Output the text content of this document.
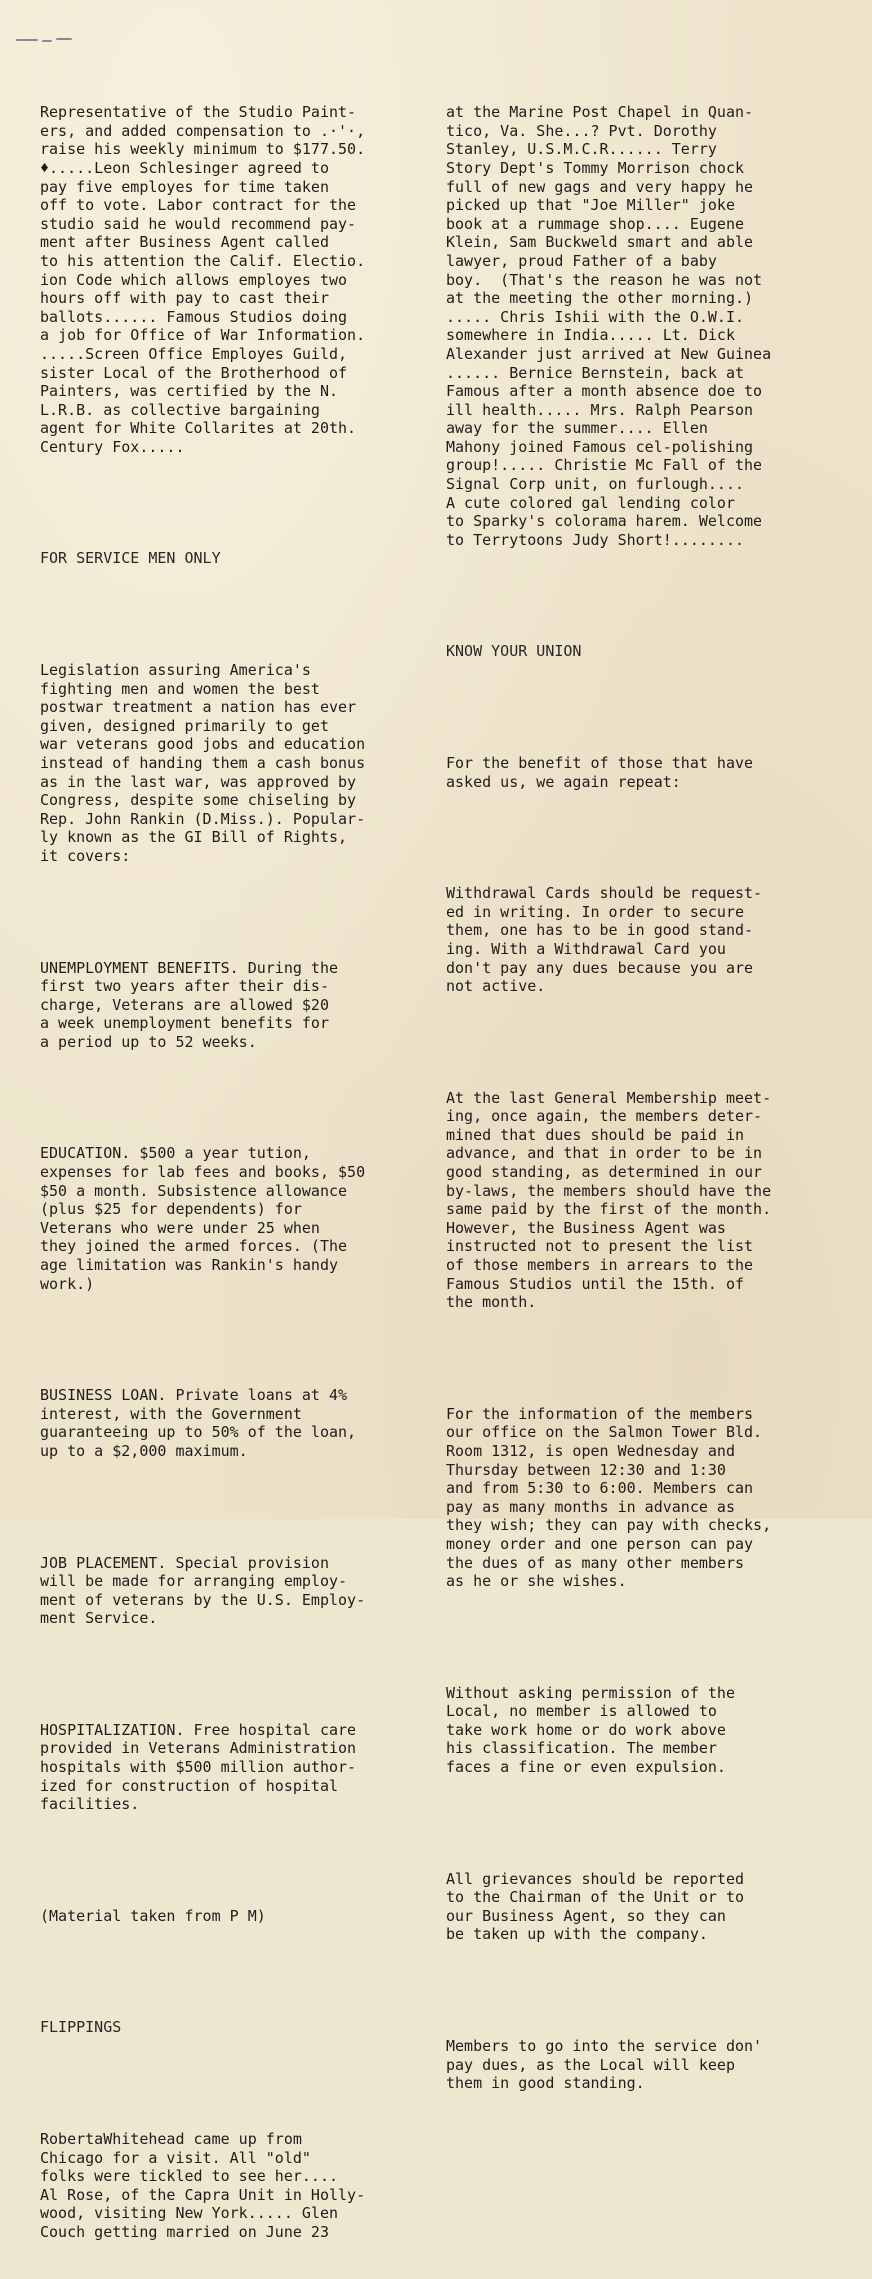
Representative of the Studio Paint-
ers, and added compensation to .·'·,
raise his weekly minimum to $177.50.
♦.....Leon Schlesinger agreed to
pay five employes for time taken
off to vote. Labor contract for the
studio said he would recommend pay-
ment after Business Agent called
to his attention the Calif. Electio.
ion Code which allows employes two
hours off with pay to cast their
ballots...... Famous Studios doing
a job for Office of War Information.
.....Screen Office Employes Guild,
sister Local of the Brotherhood of
Painters, was certified by the N.
L.R.B. as collective bargaining
agent for White Collarites at 20th.
Century Fox.....

FOR SERVICE MEN ONLY

Legislation assuring America's
fighting men and women the best
postwar treatment a nation has ever
given, designed primarily to get
war veterans good jobs and education
instead of handing them a cash bonus
as in the last war, was approved by
Congress, despite some chiseling by
Rep. John Rankin (D.Miss.). Popular-
ly known as the GI Bill of Rights,
it covers:

UNEMPLOYMENT BENEFITS. During the
first two years after their dis-
charge, Veterans are allowed $20
a week unemployment benefits for
a period up to 52 weeks.

EDUCATION. $500 a year tution,
expenses for lab fees and books, $50
$50 a month. Subsistence allowance
(plus $25 for dependents) for
Veterans who were under 25 when
they joined the armed forces. (The
age limitation was Rankin's handy
work.)

BUSINESS LOAN. Private loans at 4%
interest, with the Government
guaranteeing up to 50% of the loan,
up to a $2,000 maximum.

JOB PLACEMENT. Special provision
will be made for arranging employ-
ment of veterans by the U.S. Employ-
ment Service.

HOSPITALIZATION. Free hospital care
provided in Veterans Administration
hospitals with $500 million author-
ized for construction of hospital
facilities.

(Material taken from P M)

FLIPPINGS

RobertaWhitehead came up from
Chicago for a visit. All "old"
folks were tickled to see her....
Al Rose, of the Capra Unit in Holly-
wood, visiting New York..... Glen
Couch getting married on June 23

at the Marine Post Chapel in Quan-
tico, Va. She...? Pvt. Dorothy
Stanley, U.S.M.C.R...... Terry
Story Dept's Tommy Morrison chock
full of new gags and very happy he
picked up that "Joe Miller" joke
book at a rummage shop.... Eugene
Klein, Sam Buckweld smart and able
lawyer, proud Father of a baby
boy.  (That's the reason he was not
at the meeting the other morning.)
..... Chris Ishii with the O.W.I.
somewhere in India..... Lt. Dick
Alexander just arrived at New Guinea
...... Bernice Bernstein, back at
Famous after a month absence doe to
ill health..... Mrs. Ralph Pearson
away for the summer.... Ellen
Mahony joined Famous cel-polishing
group!..... Christie Mc Fall of the
Signal Corp unit, on furlough....
A cute colored gal lending color
to Sparky's colorama harem. Welcome
to Terrytoons Judy Short!........

KNOW YOUR UNION

For the benefit of those that have
asked us, we again repeat:

Withdrawal Cards should be request-
ed in writing. In order to secure
them, one has to be in good stand-
ing. With a Withdrawal Card you
don't pay any dues because you are
not active.

At the last General Membership meet-
ing, once again, the members deter-
mined that dues should be paid in
advance, and that in order to be in
good standing, as determined in our
by-laws, the members should have the
same paid by the first of the month.
However, the Business Agent was
instructed not to present the list
of those members in arrears to the
Famous Studios until the 15th. of
the month.

For the information of the members
our office on the Salmon Tower Bld.
Room 1312, is open Wednesday and
Thursday between 12:30 and 1:30
and from 5:30 to 6:00. Members can
pay as many months in advance as
they wish; they can pay with checks,
money order and one person can pay
the dues of as many other members
as he or she wishes.

Without asking permission of the
Local, no member is allowed to
take work home or do work above
his classification. The member
faces a fine or even expulsion.

All grievances should be reported
to the Chairman of the Unit or to
our Business Agent, so they can
be taken up with the company.

Members to go into the service don'
pay dues, as the Local will keep
them in good standing.
